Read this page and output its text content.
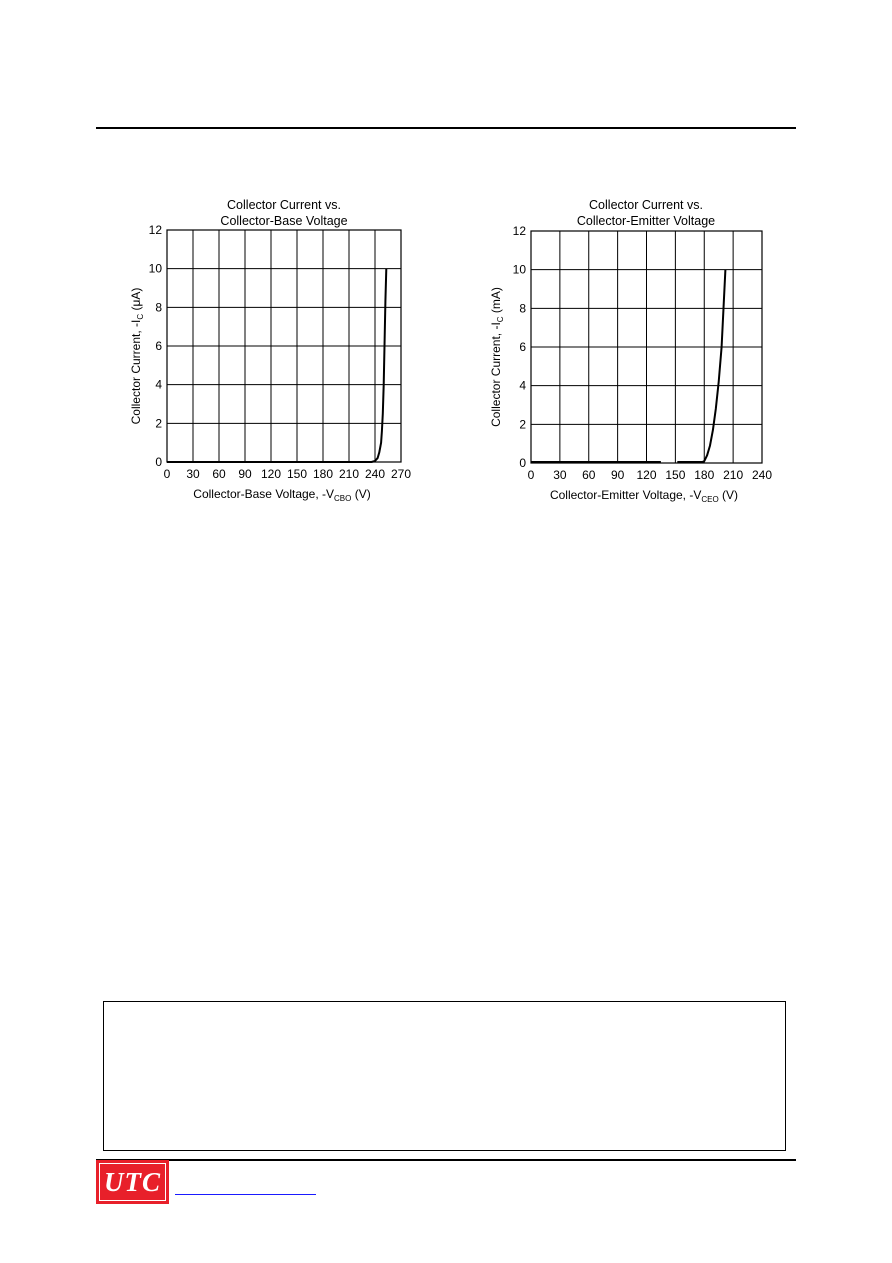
Collector Current vs.
Collector-Base Voltage
0 30 60 90 120 150 180 210 240 270
0
2
4
6
8
10
12
Collector-Base Voltage, $-V_{CBO}$ (V)
Collector Current, $-I_C$ (μA)
Collector Current vs.
Collector-Emitter Voltage
0 30 60 90 120 150 180 210 240
0
2
4
6
8
10
12
Collector-Emitter Voltage, $-V_{CEO}$ (V)
Collector Current, $-I_C$ (mA)
UTC
